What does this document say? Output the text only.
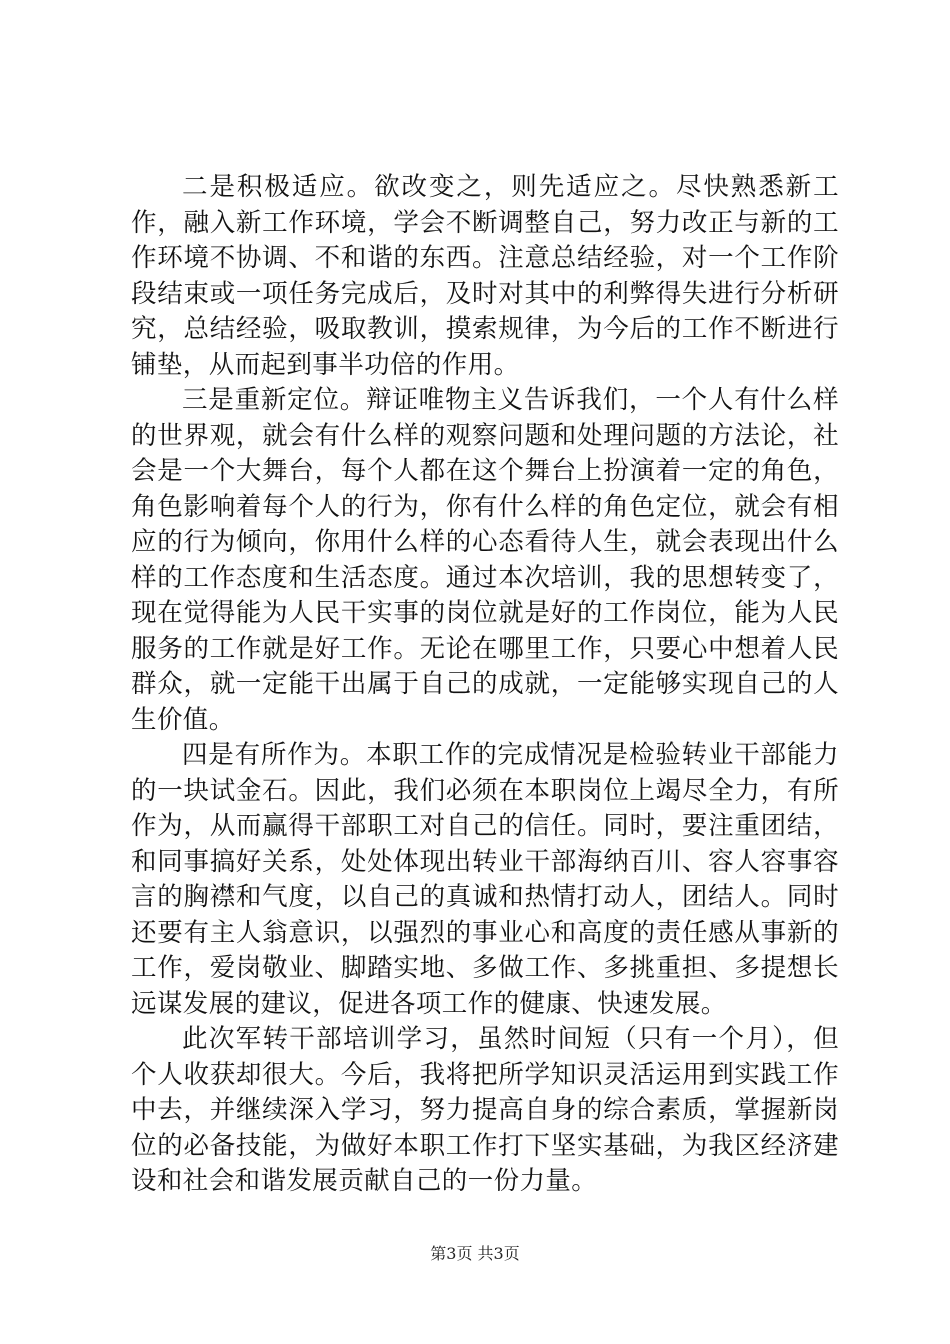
二是积极适应。欲改变之，则先适应之。尽快熟悉新工作，融入新工作环境，学会不断调整自己，努力改正与新的工作环境不协调、不和谐的东西。注意总结经验，对一个工作阶段结束或一项任务完成后，及时对其中的利弊得失进行分析研究，总结经验，吸取教训，摸索规律，为今后的工作不断进行铺垫，从而起到事半功倍的作用。

三是重新定位。辩证唯物主义告诉我们，一个人有什么样的世界观，就会有什么样的观察问题和处理问题的方法论，社会是一个大舞台，每个人都在这个舞台上扮演着一定的角色，角色影响着每个人的行为，你有什么样的角色定位，就会有相应的行为倾向，你用什么样的心态看待人生，就会表现出什么样的工作态度和生活态度。通过本次培训，我的思想转变了，现在觉得能为人民干实事的岗位就是好的工作岗位，能为人民服务的工作就是好工作。无论在哪里工作，只要心中想着人民群众，就一定能干出属于自己的成就，一定能够实现自己的人生价值。

四是有所作为。本职工作的完成情况是检验转业干部能力的一块试金石。因此，我们必须在本职岗位上竭尽全力，有所作为，从而赢得干部职工对自己的信任。同时，要注重团结，和同事搞好关系，处处体现出转业干部海纳百川、容人容事容言的胸襟和气度，以自己的真诚和热情打动人，团结人。同时还要有主人翁意识，以强烈的事业心和高度的责任感从事新的工作，爱岗敬业、脚踏实地、多做工作、多挑重担、多提想长远谋发展的建议，促进各项工作的健康、快速发展。

此次军转干部培训学习，虽然时间短（只有一个月），但个人收获却很大。今后，我将把所学知识灵活运用到实践工作中去，并继续深入学习，努力提高自身的综合素质，掌握新岗位的必备技能，为做好本职工作打下坚实基础，为我区经济建设和社会和谐发展贡献自己的一份力量。

第3页 共3页
